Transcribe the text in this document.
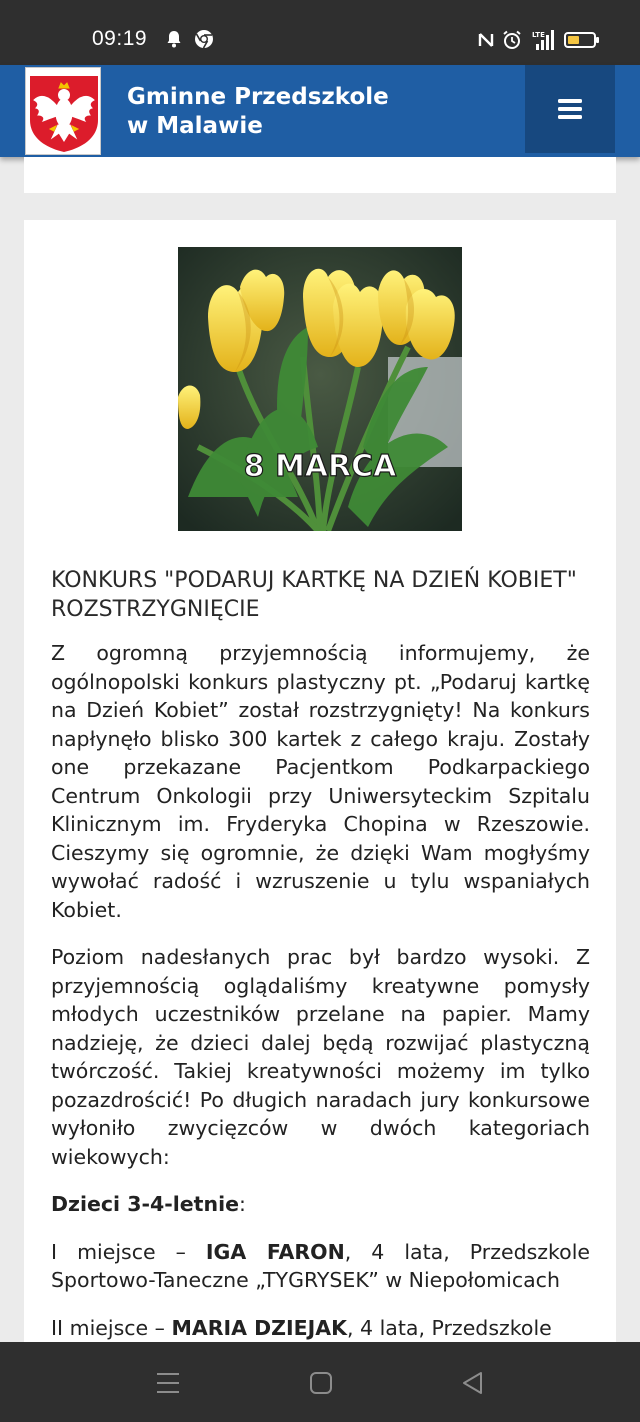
09:19	LTE
Gminne Przedszkole
w Malawie
8 MARCA
KONKURS "PODARUJ KARTKĘ NA DZIEŃ KOBIET" ROZSTRZYGNIĘCIE

Z ogromną przyjemnością informujemy, że ogólnopolski konkurs plastyczny pt. „Podaruj kartkę na Dzień Kobiet” został rozstrzygnięty! Na konkurs napłynęło blisko 300 kartek z całego kraju. Zostały one przekazane Pacjentkom Podkarpackiego Centrum Onkologii przy Uniwersyteckim Szpitalu Klinicznym im. Fryderyka Chopina w Rzeszowie. Cieszymy się ogromnie, że dzięki Wam mogłyśmy wywołać radość i wzruszenie u tylu wspaniałych Kobiet.

Poziom nadesłanych prac był bardzo wysoki. Z przyjemnością oglądaliśmy kreatywne pomysły młodych uczestników przelane na papier. Mamy nadzieję, że dzieci dalej będą rozwijać plastyczną twórczość. Takiej kreatywności możemy im tylko pozazdrościć! Po długich naradach jury konkursowe wyłoniło zwycięzców w dwóch kategoriach wiekowych:

Dzieci 3-4-letnie:

I miejsce – IGA FARON, 4 lata, Przedszkole Sportowo-Taneczne „TYGRYSEK” w Niepołomicach

II miejsce – MARIA DZIEJAK, 4 lata, Przedszkole
